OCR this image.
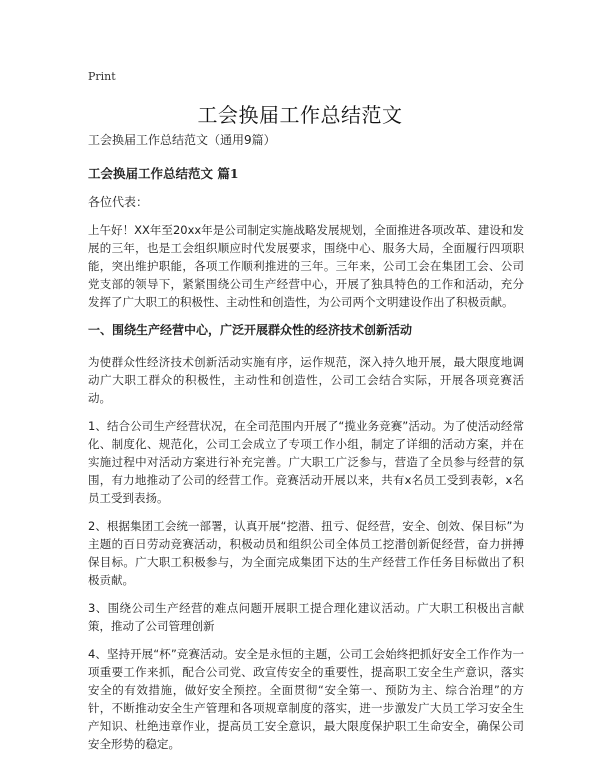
Print
工会换届工作总结范文

工会换届工作总结范文（通用9篇）

工会换届工作总结范文 篇1

各位代表：

上午好！XX年至20xx年是公司制定实施战略发展规划，全面推进各项改革、建设和发展的三年，也是工会组织顺应时代发展要求，围绕中心、服务大局，全面履行四项职能，突出维护职能，各项工作顺利推进的三年。三年来，公司工会在集团工会、公司党支部的领导下，紧紧围绕公司生产经营中心，开展了独具特色的工作和活动，充分发挥了广大职工的积极性、主动性和创造性，为公司两个文明建设作出了积极贡献。

一、围绕生产经营中心，广泛开展群众性的经济技术创新活动

为使群众性经济技术创新活动实施有序，运作规范，深入持久地开展，最大限度地调动广大职工群众的积极性，主动性和创造性，公司工会结合实际，开展各项竞赛活动。

1、结合公司生产经营状况，在全司范围内开展了“揽业务竞赛”活动。为了使活动经常化、制度化、规范化，公司工会成立了专项工作小组，制定了详细的活动方案，并在实施过程中对活动方案进行补充完善。广大职工广泛参与，营造了全员参与经营的氛围，有力地推动了公司的经营工作。竞赛活动开展以来，共有x名员工受到表彰，x名员工受到表扬。

2、根据集团工会统一部署，认真开展“挖潜、扭亏、促经营，安全、创效、保目标”为主题的百日劳动竞赛活动，积极动员和组织公司全体员工挖潜创新促经营，奋力拼搏保目标。广大职工积极参与，为全面完成集团下达的生产经营工作任务目标做出了积极贡献。

3、围绕公司生产经营的难点问题开展职工提合理化建议活动。广大职工积极出言献策，推动了公司管理创新

4、坚持开展“杯”竞赛活动。安全是永恒的主题，公司工会始终把抓好安全工作作为一项重要工作来抓，配合公司党、政宣传安全的重要性，提高职工安全生产意识，落实安全的有效措施，做好安全预控。全面贯彻“安全第一、预防为主、综合治理”的方针，不断推动安全生产管理和各项规章制度的落实，进一步激发广大员工学习安全生产知识、杜绝违章作业，提高员工安全意识，最大限度保护职工生命安全，确保公司安全形势的稳定。
